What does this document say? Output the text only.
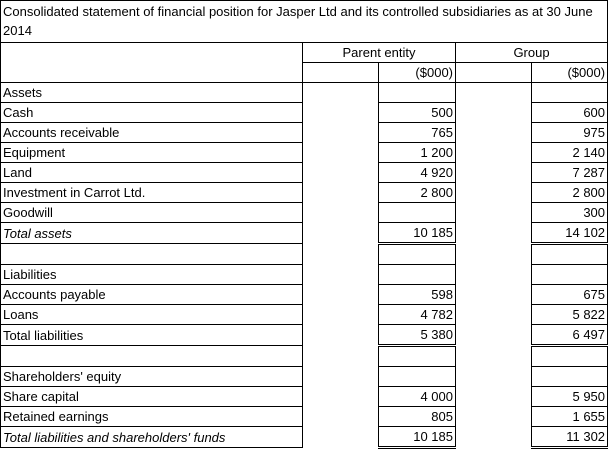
Consolidated statement of financial position for Jasper Ltd and its controlled subsidiaries as at 30 June 2014				
	Parent entity		Group	
		($000)		($000)
Assets				
Cash		500		600
Accounts receivable		765		975
Equipment		1 200		2 140
Land		4 920		7 287
Investment in Carrot Ltd.		2 800		2 800
Goodwill				300
Total assets		10 185		14 102

Liabilities				
Accounts payable		598		675
Loans		4 782		5 822
Total liabilities		5 380		6 497

Shareholders' equity				
Share capital		4 000		5 950
Retained earnings		805		1 655
Total liabilities and shareholders' funds		10 185		11 302
